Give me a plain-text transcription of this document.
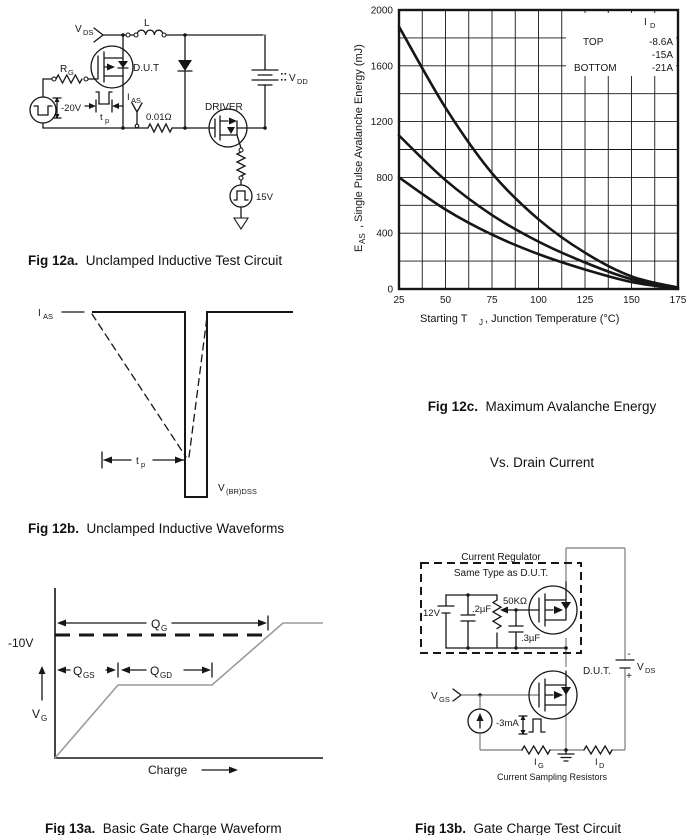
V DS
L
D.U.T
R G
-20V
t p
I AS
0.01Ω
V DD
DRIVER
15V

Fig 12a.  Unclamped Inductive Test Circuit

I D
TOP	-8.6A
-15A
BOTTOM	-21A
25	50	75	100	125	150	175
0
400
800
1200
1600
2000
Starting T J , Junction Temperature (°C)
E
AS
, Single Pulse Avalanche Energy (mJ)

Fig 12c.  Maximum Avalanche Energy

Vs. Drain Current

I AS
t p
V (BR)DSS

Fig 12b.  Unclamped Inductive Waveforms

Q G
Q GS	Q GD
-10V
V G
Charge

Fig 13a.  Basic Gate Charge Waveform

-
+
V DS
Current Regulator
Same Type as D.U.T.
12V	.2µF
50KΩ
.3µF
D.U.T.
V GS
-3mA
I G	I D
Current Sampling Resistors

Fig 13b.  Gate Charge Test Circuit
